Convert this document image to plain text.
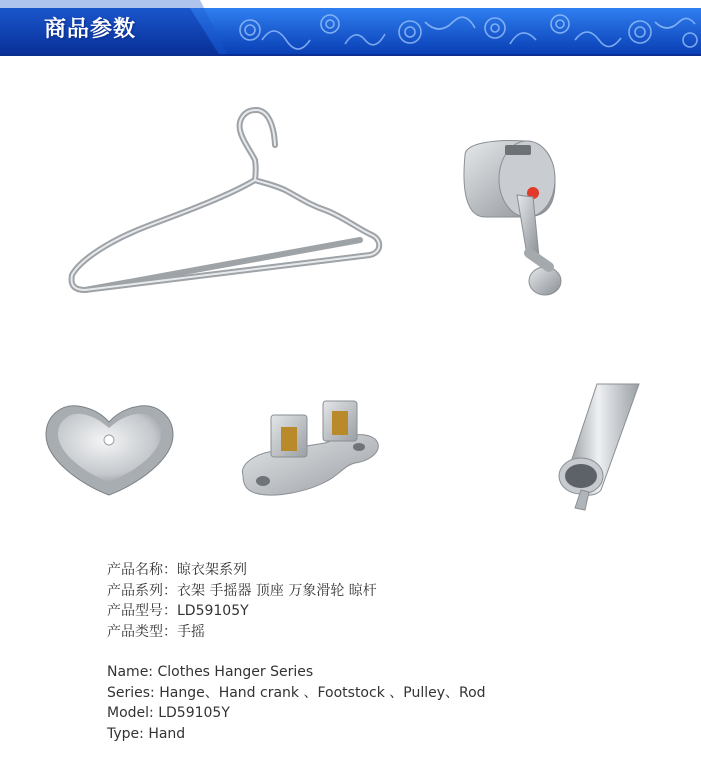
商品参数

产品名称：晾衣架系列

产品系列：衣架 手摇器 顶座 万象滑轮 晾杆

产品型号：LD59105Y

产品类型：手摇

Name: Clothes Hanger Series

Series: Hange、Hand crank 、Footstock 、Pulley、Rod

Model: LD59105Y

Type: Hand
